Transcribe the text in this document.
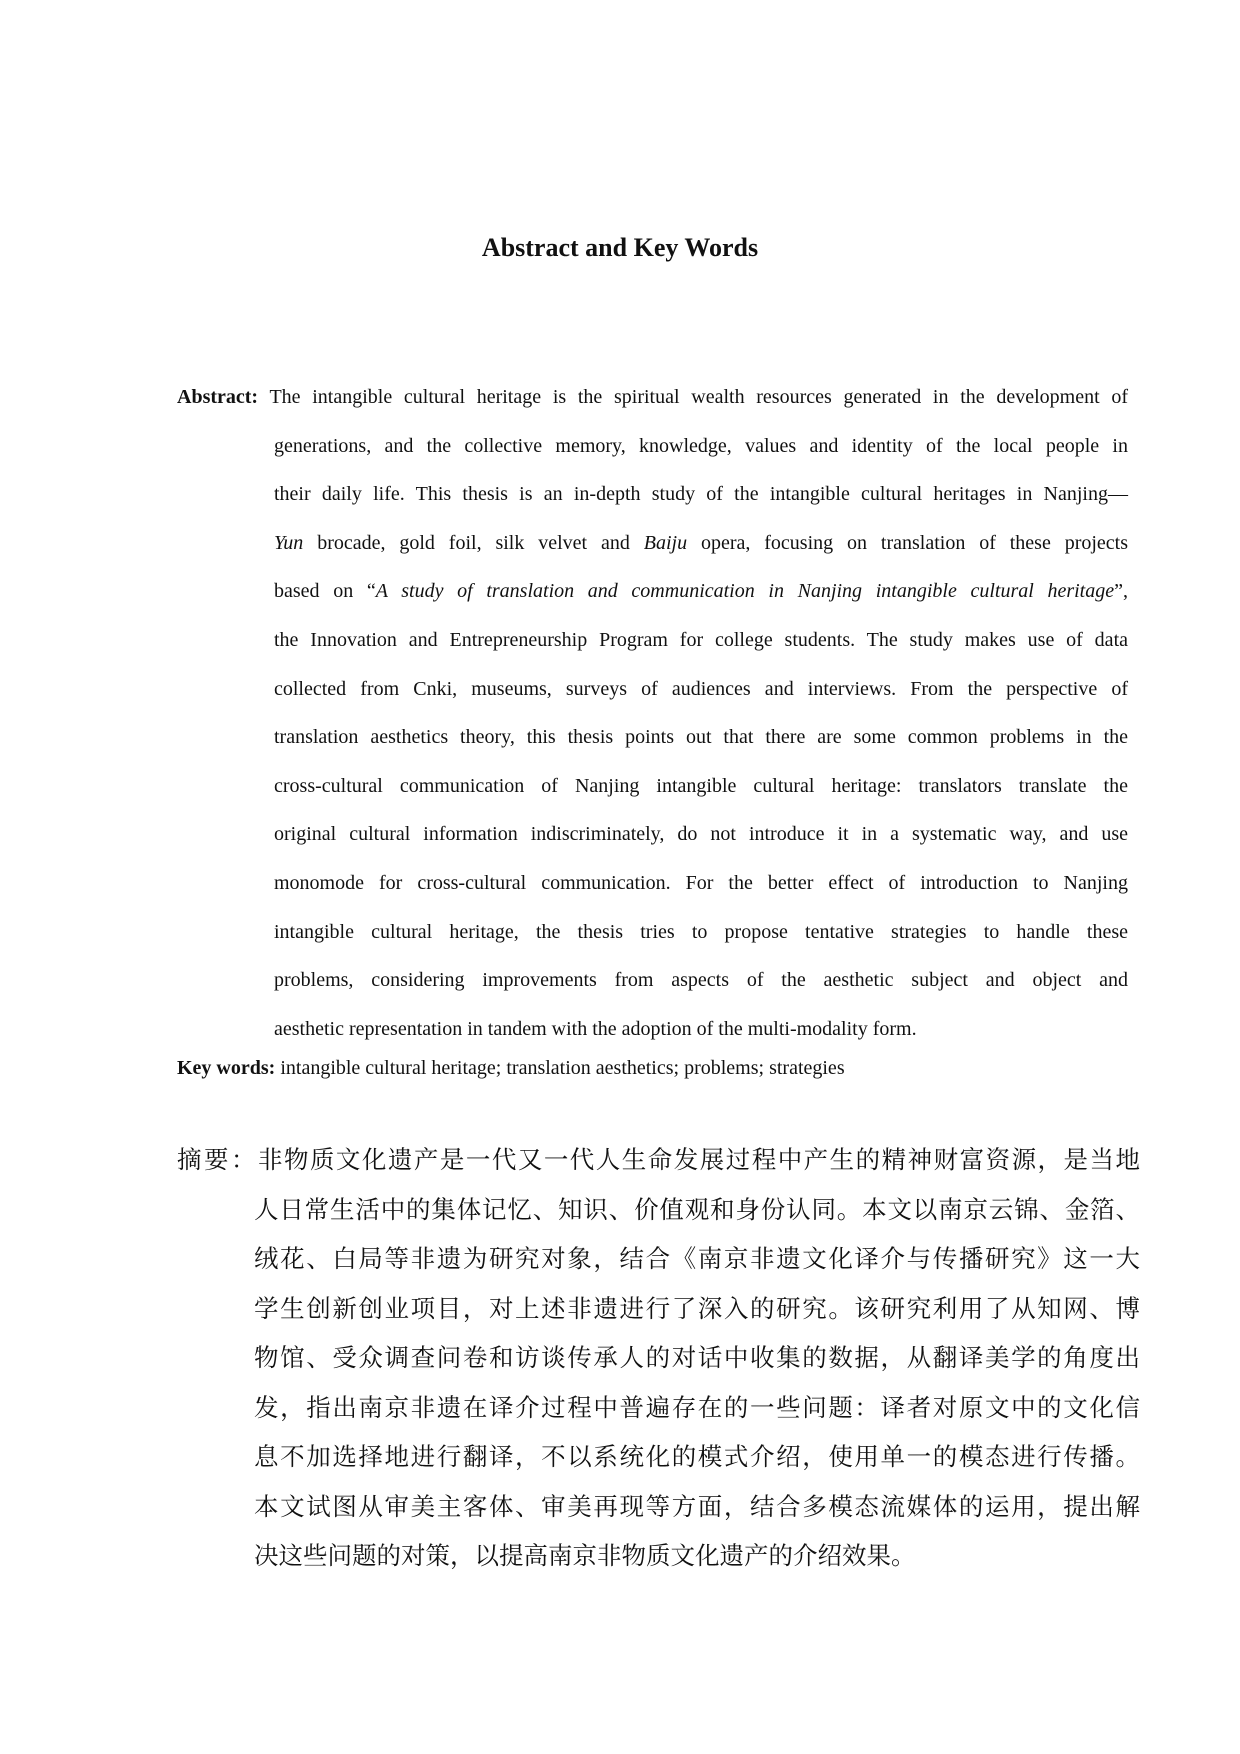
Abstract and Key Words
Abstract: The intangible cultural heritage is the spiritual wealth resources generated in the development of
generations, and the collective memory, knowledge, values and identity of the local people in
their daily life. This thesis is an in-depth study of the intangible cultural heritages in Nanjing—
Yun brocade, gold foil, silk velvet and Baiju opera, focusing on translation of these projects
based on “A study of translation and communication in Nanjing intangible cultural heritage”,
the Innovation and Entrepreneurship Program for college students. The study makes use of data
collected from Cnki, museums, surveys of audiences and interviews. From the perspective of
translation aesthetics theory, this thesis points out that there are some common problems in the
cross-cultural communication of Nanjing intangible cultural heritage: translators translate the
original cultural information indiscriminately, do not introduce it in a systematic way, and use
monomode for cross-cultural communication. For the better effect of introduction to Nanjing
intangible cultural heritage, the thesis tries to propose tentative strategies to handle these
problems, considering improvements from aspects of the aesthetic subject and object and
aesthetic representation in tandem with the adoption of the multi-modality form.

Key words: intangible cultural heritage; translation aesthetics; problems; strategies

摘要：非物质文化遗产是一代又一代人生命发展过程中产生的精神财富资源，是当地
人日常生活中的集体记忆、知识、价值观和身份认同。本文以南京云锦、金箔、
绒花、白局等非遗为研究对象，结合《南京非遗文化译介与传播研究》这一大
学生创新创业项目，对上述非遗进行了深入的研究。该研究利用了从知网、博
物馆、受众调查问卷和访谈传承人的对话中收集的数据，从翻译美学的角度出
发，指出南京非遗在译介过程中普遍存在的一些问题：译者对原文中的文化信
息不加选择地进行翻译，不以系统化的模式介绍，使用单一的模态进行传播。
本文试图从审美主客体、审美再现等方面，结合多模态流媒体的运用，提出解
决这些问题的对策，以提高南京非物质文化遗产的介绍效果。
